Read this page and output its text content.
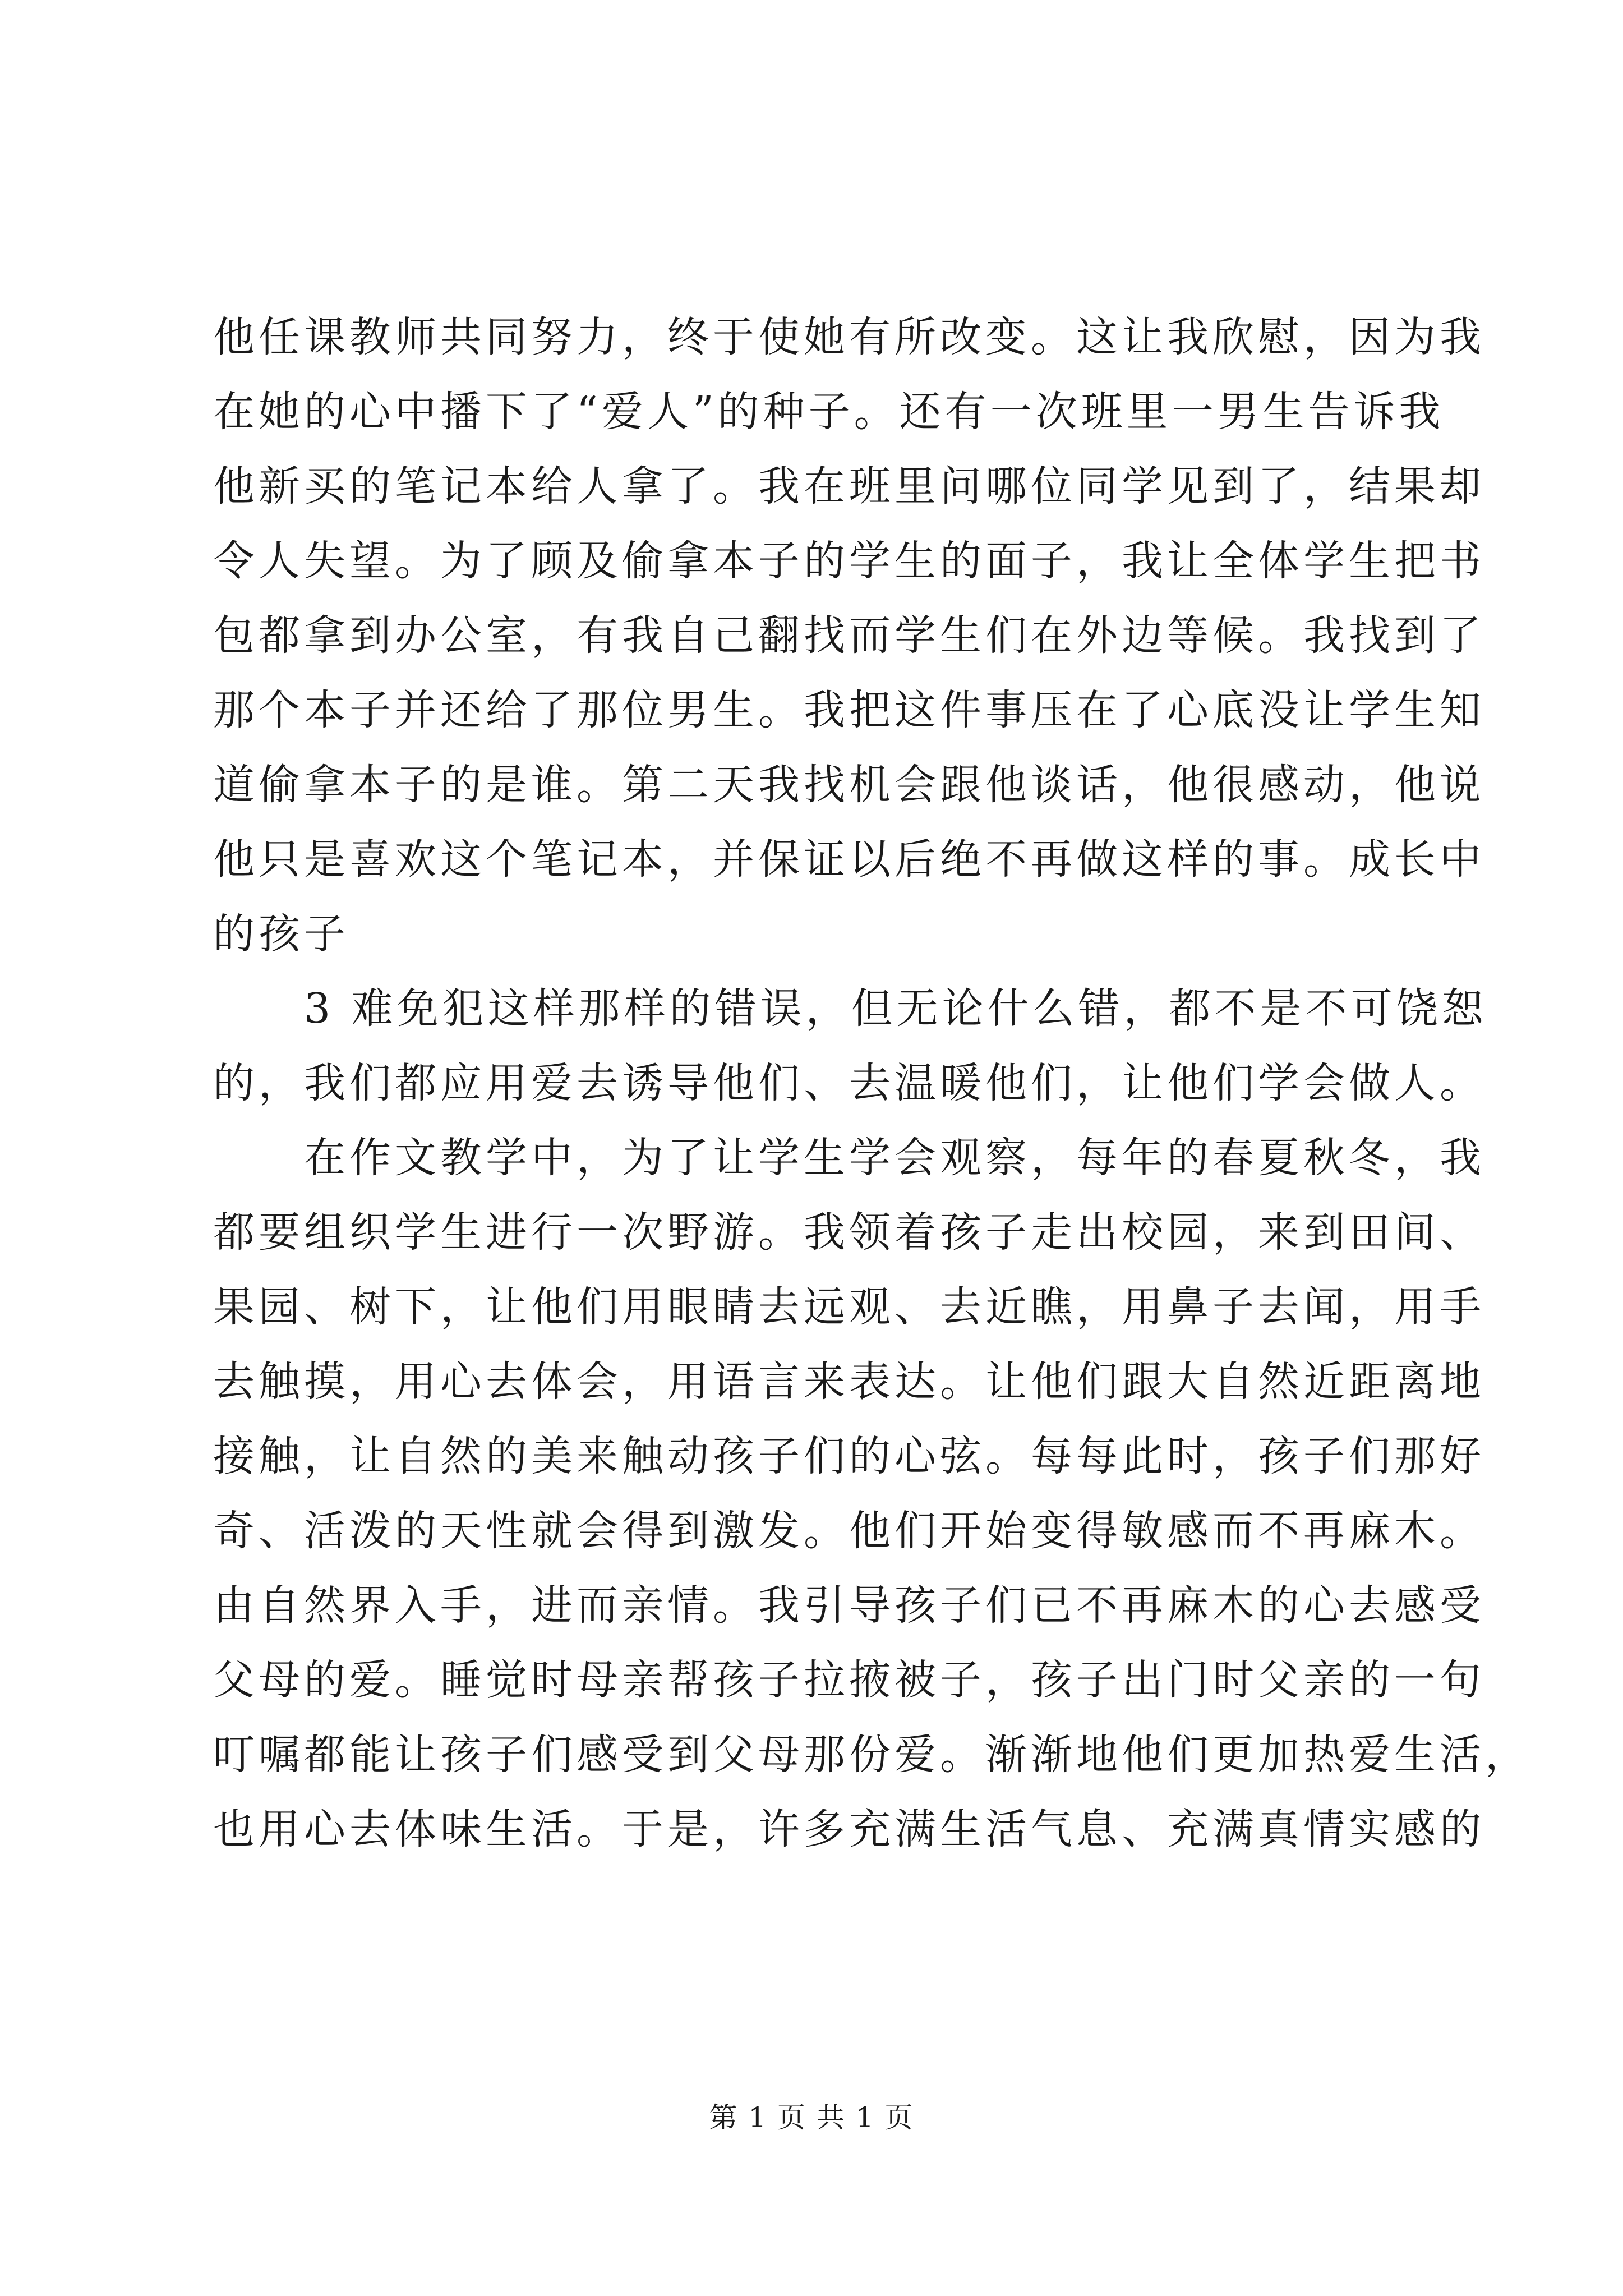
他任课教师共同努力，终于使她有所改变。这让我欣慰，因为我
在她的心中播下了“爱人”的种子。还有一次班里一男生告诉我
他新买的笔记本给人拿了。我在班里问哪位同学见到了，结果却
令人失望。为了顾及偷拿本子的学生的面子，我让全体学生把书
包都拿到办公室，有我自己翻找而学生们在外边等候。我找到了
那个本子并还给了那位男生。我把这件事压在了心底没让学生知
道偷拿本子的是谁。第二天我找机会跟他谈话，他很感动，他说
他只是喜欢这个笔记本，并保证以后绝不再做这样的事。成长中
的孩子
3 难免犯这样那样的错误，但无论什么错，都不是不可饶恕
的，我们都应用爱去诱导他们、去温暖他们，让他们学会做人。
在作文教学中，为了让学生学会观察，每年的春夏秋冬，我
都要组织学生进行一次野游。我领着孩子走出校园，来到田间、
果园、树下，让他们用眼睛去远观、去近瞧，用鼻子去闻，用手
去触摸，用心去体会，用语言来表达。让他们跟大自然近距离地
接触，让自然的美来触动孩子们的心弦。每每此时，孩子们那好
奇、活泼的天性就会得到激发。他们开始变得敏感而不再麻木。
由自然界入手，进而亲情。我引导孩子们已不再麻木的心去感受
父母的爱。睡觉时母亲帮孩子拉掖被子，孩子出门时父亲的一句
叮嘱都能让孩子们感受到父母那份爱。渐渐地他们更加热爱生活，
也用心去体味生活。于是，许多充满生活气息、充满真情实感的
第 1 页 共 1 页
